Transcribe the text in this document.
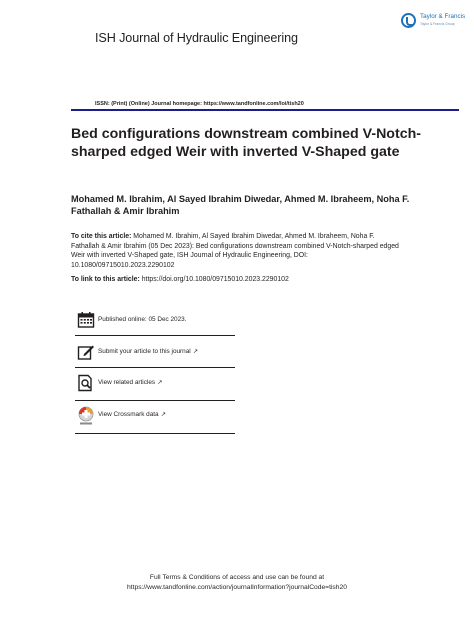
Taylor & Francis
Taylor & Francis Group
ISH Journal of Hydraulic Engineering
ISSN: (Print) (Online) Journal homepage: https://www.tandfonline.com/loi/tish20
Bed configurations downstream combined V-Notch-sharped edged Weir with inverted V-Shaped gate
Mohamed M. Ibrahim, Al Sayed Ibrahim Diwedar, Ahmed M. Ibraheem, Noha F. Fathallah & Amir Ibrahim
To cite this article: Mohamed M. Ibrahim, Al Sayed Ibrahim Diwedar, Ahmed M. Ibraheem, Noha F. Fathallah & Amir Ibrahim (05 Dec 2023): Bed configurations downstream combined V-Notch-sharped edged Weir with inverted V-Shaped gate, ISH Journal of Hydraulic Engineering, DOI: 10.1080/09715010.2023.2290102
To link to this article: https://doi.org/10.1080/09715010.2023.2290102
Published online: 05 Dec 2023.
Submit your article to this journal ↗
View related articles ↗
View Crossmark data ↗
Full Terms & Conditions of access and use can be found at
https://www.tandfonline.com/action/journalInformation?journalCode=tish20
